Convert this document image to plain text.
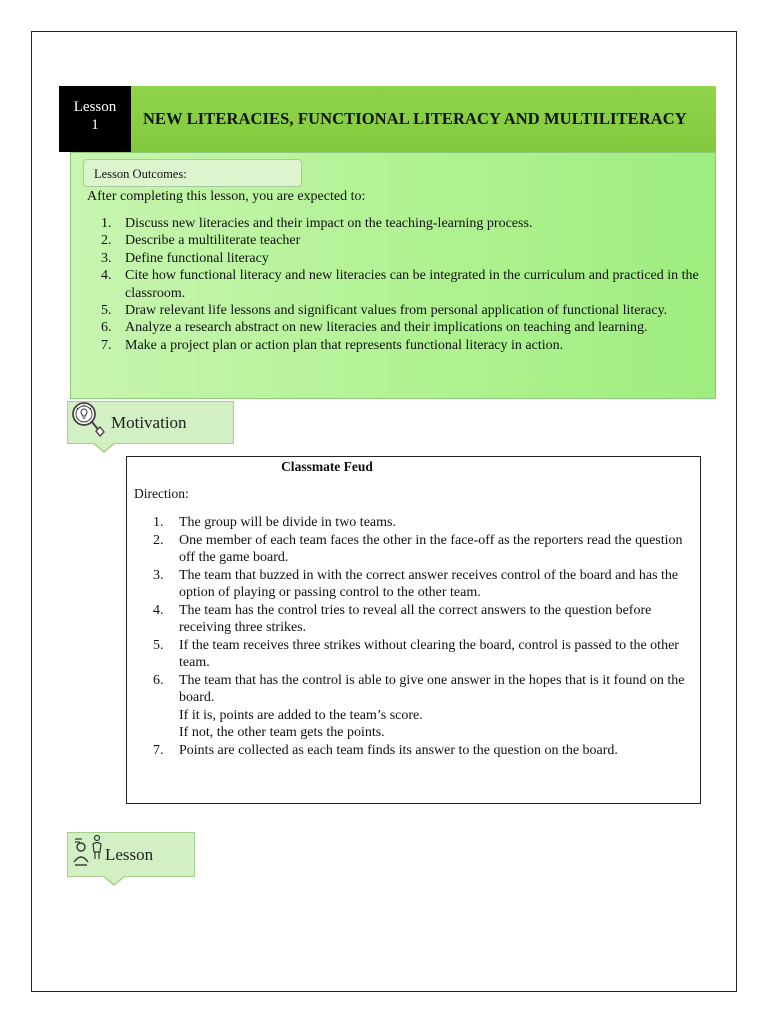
Lesson
1	NEW LITERACIES, FUNCTIONAL LITERACY AND MULTILITERACY
Lesson Outcomes:
After completing this lesson, you are expected to:
1. Discuss new literacies and their impact on the teaching-learning process.
2. Describe a multiliterate teacher
3. Define functional literacy
4. Cite how functional literacy and new literacies can be integrated in the curriculum and practiced in the classroom.
5. Draw relevant life lessons and significant values from personal application of functional literacy.
6. Analyze a research abstract on new literacies and their implications on teaching and learning.
7. Make a project plan or action plan that represents functional literacy in action.
Motivation
Classmate Feud
Direction:
1.	The group will be divide in two teams.
2.	One member of each team faces the other in the face-off as the reporters read the question off the game board.
3.	The team that buzzed in with the correct answer receives control of the board and has the option of playing or passing control to the other team.
4.	The team has the control tries to reveal all the correct answers to the question before receiving three strikes.
5.	If the team receives three strikes without clearing the board, control is passed to the other team.
6.	The team that has the control is able to give one answer in the hopes that is it found on the board.
If it is, points are added to the team’s score.
If not, the other team gets the points.
7.	Points are collected as each team finds its answer to the question on the board.
Lesson
